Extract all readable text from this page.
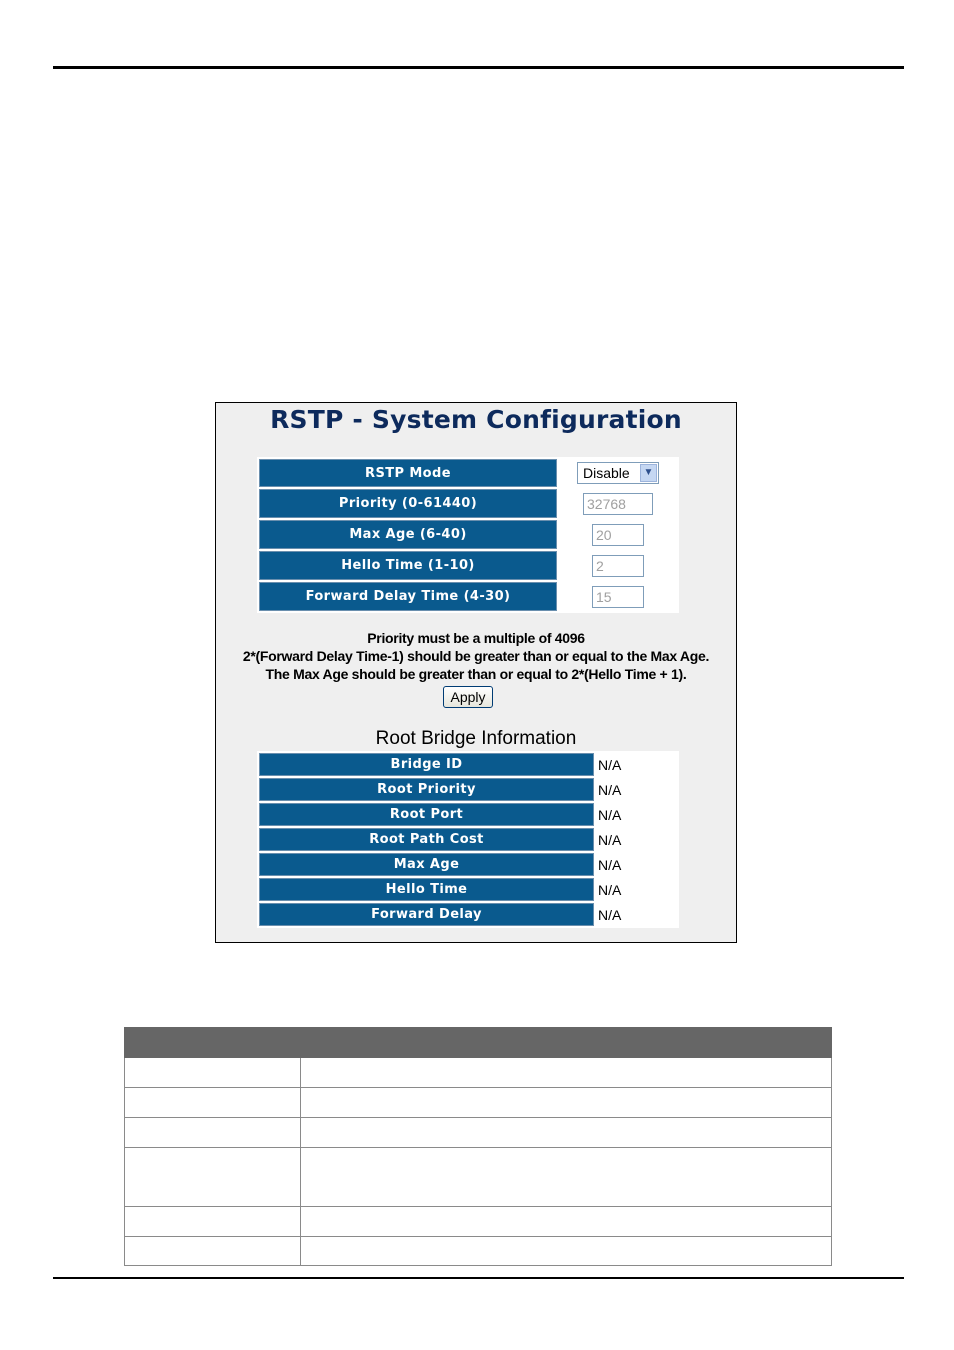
RSTP - System Configuration
RSTP Mode	Disable ▼

Priority (0-61440)	32768
Max Age (6-40)	20
Hello Time (1-10)	2
Forward Delay Time (4-30)	15
Priority must be a multiple of 4096
2*(Forward Delay Time-1) should be greater than or equal to the Max Age.
The Max Age should be greater than or equal to 2*(Hello Time + 1).
Apply
Root Bridge Information
Bridge ID	N/A
Root Priority	N/A
Root Port	N/A
Root Path Cost	N/A
Max Age	N/A
Hello Time	N/A
Forward Delay	N/A
